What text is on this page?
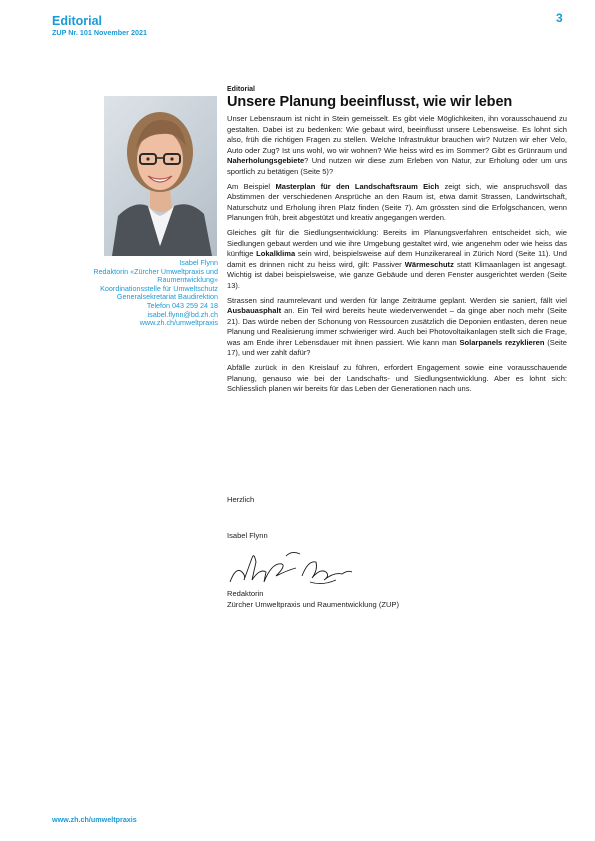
Editorial
ZUP Nr. 101 November 2021
3
Isabel Flynn
Redaktorin «Zürcher Umweltpraxis und
Raumentwicklung»
Koordinationsstelle für Umweltschutz
Generalsekretariat Baudirektion
Telefon 043 259 24 18
isabel.flynn@bd.zh.ch
www.zh.ch/umweltpraxis
Editorial
Unsere Planung beeinflusst, wie wir leben

Unser Lebensraum ist nicht in Stein gemeisselt. Es gibt viele Möglichkeiten, ihn vorausschauend zu gestalten. Dabei ist zu bedenken: Wie gebaut wird, beeinflusst unsere Lebensweise. Es lohnt sich also, früh die richtigen Fragen zu stellen. Welche Infrastruktur brauchen wir? Nutzen wir eher Velo, Auto oder Zug? Ist uns wohl, wo wir wohnen? Wie heiss wird es im Sommer? Gibt es Grünraum und Naherholungsgebiete? Und nutzen wir diese zum Erleben von Natur, zur Erholung oder um uns sportlich zu betätigen (Seite 5)?

Am Beispiel Masterplan für den Landschaftsraum Eich zeigt sich, wie anspruchsvoll das Abstimmen der verschiedenen Ansprüche an den Raum ist, etwa damit Strassen, Landwirtschaft, Naturschutz und Erholung ihren Platz finden (Seite 7). Am grössten sind die Erfolgschancen, wenn Planungen früh, breit abgestützt und kreativ angegangen werden.

Gleiches gilt für die Siedlungsentwicklung: Bereits im Planungsverfahren entscheidet sich, wie Siedlungen gebaut werden und wie ihre Umgebung gestaltet wird, wie angenehm oder wie heiss das künftige Lokalklima sein wird, beispielsweise auf dem Hunzikerareal in Zürich Nord (Seite 11). Und damit es drinnen nicht zu heiss wird, gilt: Passiver Wärmeschutz statt Klimaanlagen ist angesagt. Wichtig ist dabei beispielsweise, wie ganze Gebäude und deren Fenster ausgerichtet werden (Seite 13).

Strassen sind raumrelevant und werden für lange Zeiträume geplant. Werden sie saniert, fällt viel Ausbauasphalt an. Ein Teil wird bereits heute wiederverwendet – da ginge aber noch mehr (Seite 21). Das würde neben der Schonung von Ressourcen zusätzlich die Deponien entlasten, deren neue Planung und Realisierung immer schwieriger wird. Auch bei Photovoltaikanlagen stellt sich die Frage, was am Ende ihrer Lebensdauer mit ihnen passiert. Wie kann man Solarpanels rezyklieren (Seite 17), und wer zahlt dafür?

Abfälle zurück in den Kreislauf zu führen, erfordert Engagement sowie eine vorausschauende Planung, genauso wie bei der Landschafts- und Siedlungsentwicklung. Aber es lohnt sich: Schliesslich planen wir bereits für das Leben der Generationen nach uns.

Herzlich
Isabel Flynn
Redaktorin
Zürcher Umweltpraxis und Raumentwicklung (ZUP)
www.zh.ch/umweltpraxis
